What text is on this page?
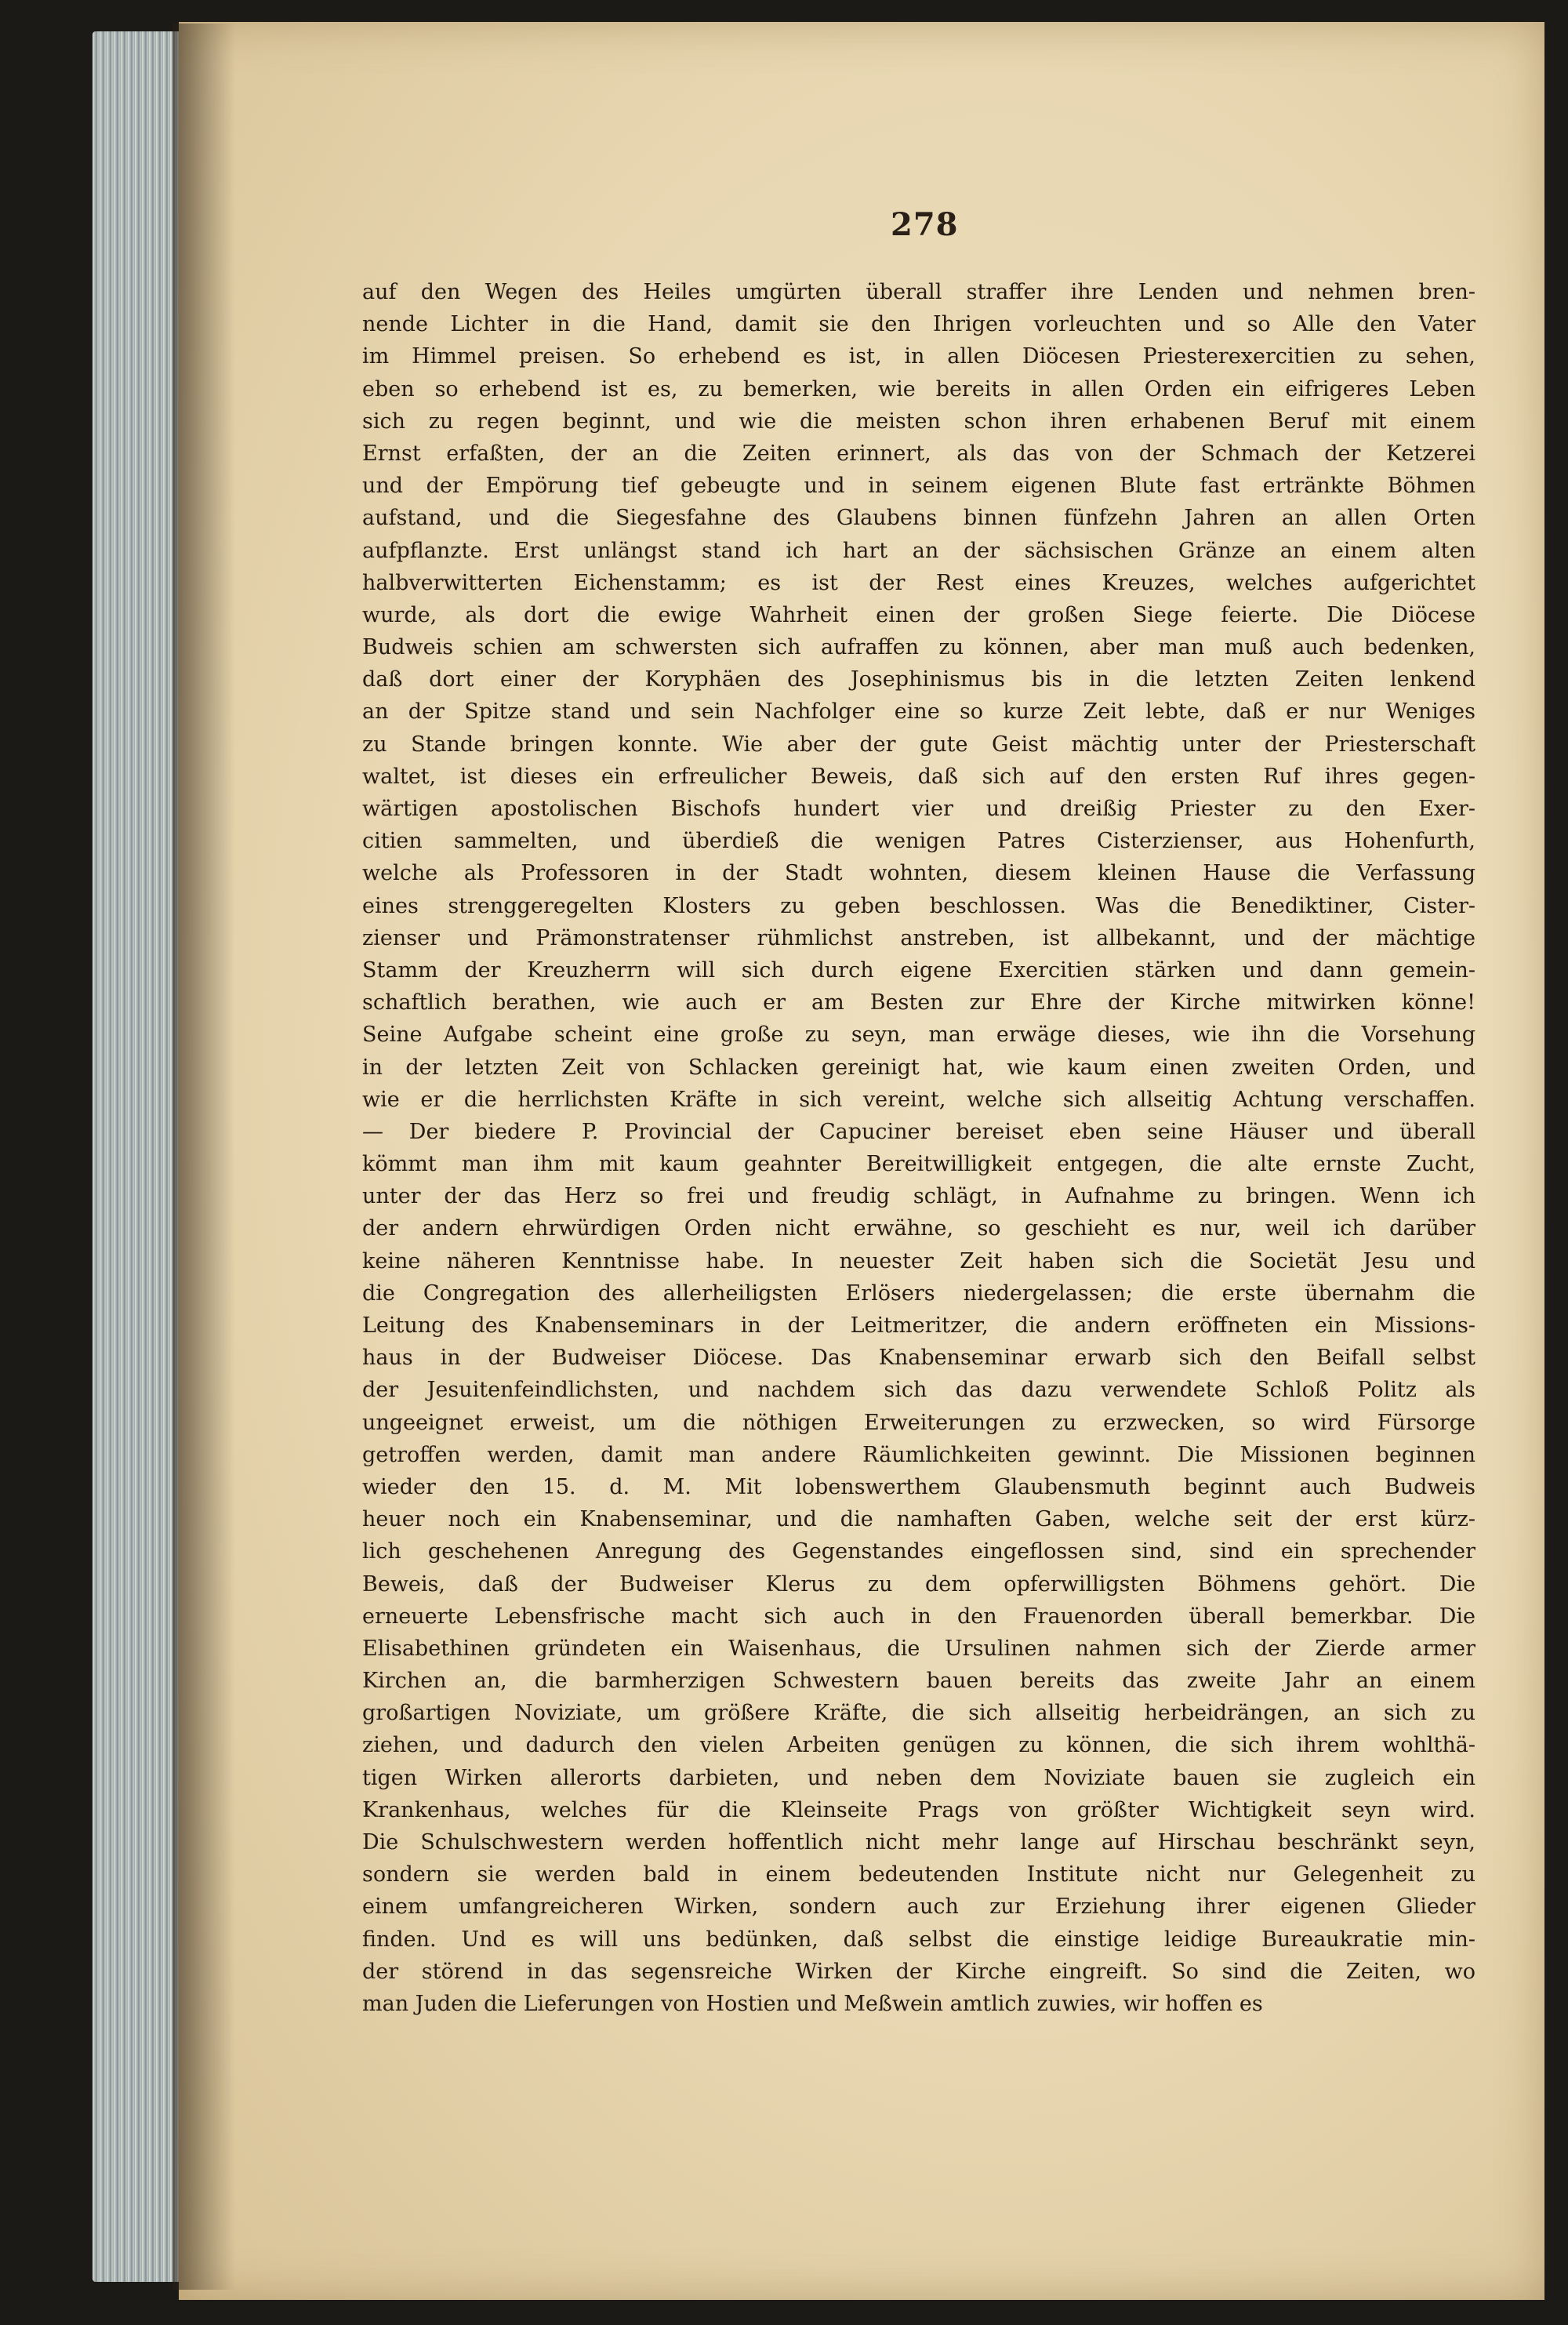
278
auf den Wegen des Heiles umgürten überall straffer ihre Lenden und nehmen bren-
nende Lichter in die Hand, damit sie den Ihrigen vorleuchten und so Alle den Vater
im Himmel preisen. So erhebend es ist, in allen Diöcesen Priesterexercitien zu sehen,
eben so erhebend ist es, zu bemerken, wie bereits in allen Orden ein eifrigeres Leben
sich zu regen beginnt, und wie die meisten schon ihren erhabenen Beruf mit einem
Ernst erfaßten, der an die Zeiten erinnert, als das von der Schmach der Ketzerei
und der Empörung tief gebeugte und in seinem eigenen Blute fast ertränkte Böhmen
aufstand, und die Siegesfahne des Glaubens binnen fünfzehn Jahren an allen Orten
aufpflanzte. Erst unlängst stand ich hart an der sächsischen Gränze an einem alten
halbverwitterten Eichenstamm; es ist der Rest eines Kreuzes, welches aufgerichtet
wurde, als dort die ewige Wahrheit einen der großen Siege feierte. Die Diöcese
Budweis schien am schwersten sich aufraffen zu können, aber man muß auch bedenken,
daß dort einer der Koryphäen des Josephinismus bis in die letzten Zeiten lenkend
an der Spitze stand und sein Nachfolger eine so kurze Zeit lebte, daß er nur Weniges
zu Stande bringen konnte. Wie aber der gute Geist mächtig unter der Priesterschaft
waltet, ist dieses ein erfreulicher Beweis, daß sich auf den ersten Ruf ihres gegen-
wärtigen apostolischen Bischofs hundert vier und dreißig Priester zu den Exer-
citien sammelten, und überdieß die wenigen Patres Cisterzienser, aus Hohenfurth,
welche als Professoren in der Stadt wohnten, diesem kleinen Hause die Verfassung
eines strenggeregelten Klosters zu geben beschlossen. Was die Benediktiner, Cister-
zienser und Prämonstratenser rühmlichst anstreben, ist allbekannt, und der mächtige
Stamm der Kreuzherrn will sich durch eigene Exercitien stärken und dann gemein-
schaftlich berathen, wie auch er am Besten zur Ehre der Kirche mitwirken könne!
Seine Aufgabe scheint eine große zu seyn, man erwäge dieses, wie ihn die Vorsehung
in der letzten Zeit von Schlacken gereinigt hat, wie kaum einen zweiten Orden, und
wie er die herrlichsten Kräfte in sich vereint, welche sich allseitig Achtung verschaffen.
— Der biedere P. Provincial der Capuciner bereiset eben seine Häuser und überall
kömmt man ihm mit kaum geahnter Bereitwilligkeit entgegen, die alte ernste Zucht,
unter der das Herz so frei und freudig schlägt, in Aufnahme zu bringen. Wenn ich
der andern ehrwürdigen Orden nicht erwähne, so geschieht es nur, weil ich darüber
keine näheren Kenntnisse habe. In neuester Zeit haben sich die Societät Jesu und
die Congregation des allerheiligsten Erlösers niedergelassen; die erste übernahm die
Leitung des Knabenseminars in der Leitmeritzer, die andern eröffneten ein Missions-
haus in der Budweiser Diöcese. Das Knabenseminar erwarb sich den Beifall selbst
der Jesuitenfeindlichsten, und nachdem sich das dazu verwendete Schloß Politz als
ungeeignet erweist, um die nöthigen Erweiterungen zu erzwecken, so wird Fürsorge
getroffen werden, damit man andere Räumlichkeiten gewinnt. Die Missionen beginnen
wieder den 15. d. M. Mit lobenswerthem Glaubensmuth beginnt auch Budweis
heuer noch ein Knabenseminar, und die namhaften Gaben, welche seit der erst kürz-
lich geschehenen Anregung des Gegenstandes eingeflossen sind, sind ein sprechender
Beweis, daß der Budweiser Klerus zu dem opferwilligsten Böhmens gehört. Die
erneuerte Lebensfrische macht sich auch in den Frauenorden überall bemerkbar. Die
Elisabethinen gründeten ein Waisenhaus, die Ursulinen nahmen sich der Zierde armer
Kirchen an, die barmherzigen Schwestern bauen bereits das zweite Jahr an einem
großartigen Noviziate, um größere Kräfte, die sich allseitig herbeidrängen, an sich zu
ziehen, und dadurch den vielen Arbeiten genügen zu können, die sich ihrem wohlthä-
tigen Wirken allerorts darbieten, und neben dem Noviziate bauen sie zugleich ein
Krankenhaus, welches für die Kleinseite Prags von größter Wichtigkeit seyn wird.
Die Schulschwestern werden hoffentlich nicht mehr lange auf Hirschau beschränkt seyn,
sondern sie werden bald in einem bedeutenden Institute nicht nur Gelegenheit zu
einem umfangreicheren Wirken, sondern auch zur Erziehung ihrer eigenen Glieder
finden. Und es will uns bedünken, daß selbst die einstige leidige Bureaukratie min-
der störend in das segensreiche Wirken der Kirche eingreift. So sind die Zeiten, wo
man Juden die Lieferungen von Hostien und Meßwein amtlich zuwies, wir hoffen es
